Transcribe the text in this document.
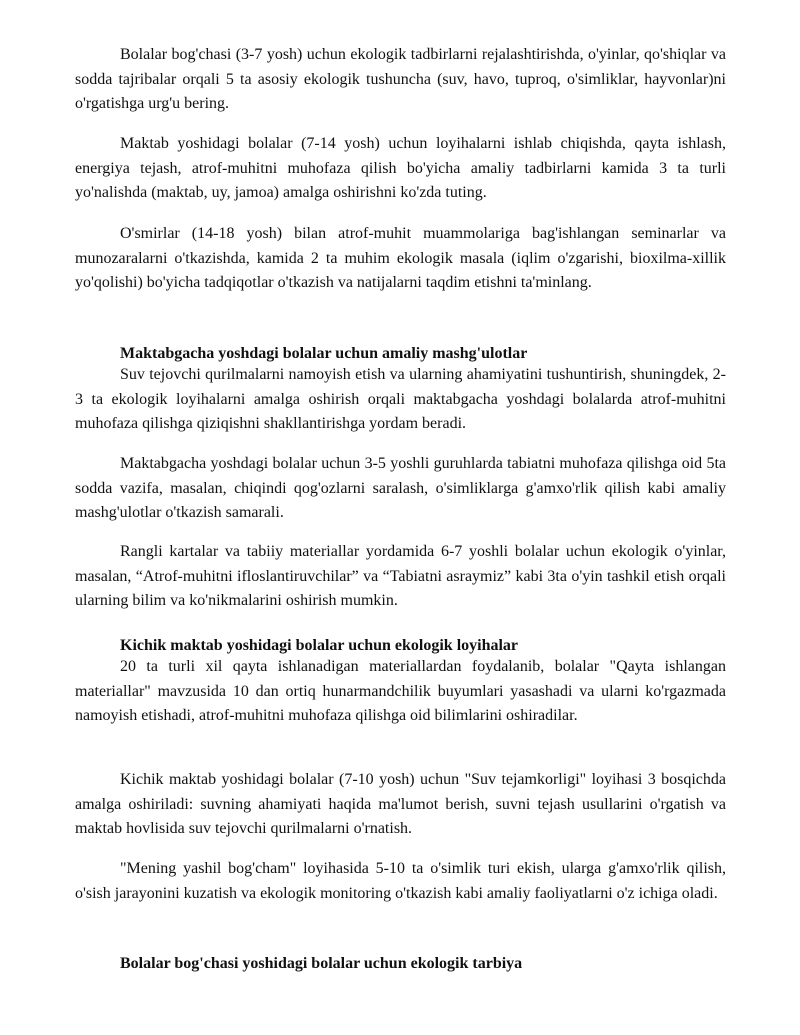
Bolalar bog'chasi (3-7 yosh) uchun ekologik tadbirlarni rejalashtirishda, o'yinlar, qo'shiqlar va sodda tajribalar orqali 5 ta asosiy ekologik tushuncha (suv, havo, tuproq, o'simliklar, hayvonlar)ni o'rgatishga urg'u bering.

Maktab yoshidagi bolalar (7-14 yosh) uchun loyihalarni ishlab chiqishda, qayta ishlash, energiya tejash, atrof-muhitni muhofaza qilish bo'yicha amaliy tadbirlarni kamida 3 ta turli yo'nalishda (maktab, uy, jamoa) amalga oshirishni ko'zda tuting.

O'smirlar (14-18 yosh) bilan atrof-muhit muammolariga bag'ishlangan seminarlar va munozaralarni o'tkazishda, kamida 2 ta muhim ekologik masala (iqlim o'zgarishi, bioxilma-xillik yo'qolishi) bo'yicha tadqiqotlar o'tkazish va natijalarni taqdim etishni ta'minlang.

Maktabgacha yoshdagi bolalar uchun amaliy mashg'ulotlar

Suv tejovchi qurilmalarni namoyish etish va ularning ahamiyatini tushuntirish, shuningdek, 2-3 ta ekologik loyihalarni amalga oshirish orqali maktabgacha yoshdagi bolalarda atrof-muhitni muhofaza qilishga qiziqishni shakllantirishga yordam beradi.

Maktabgacha yoshdagi bolalar uchun 3-5 yoshli guruhlarda tabiatni muhofaza qilishga oid 5ta sodda vazifa, masalan, chiqindi qog'ozlarni saralash, o'simliklarga g'amxo'rlik qilish kabi amaliy mashg'ulotlar o'tkazish samarali.

Rangli kartalar va tabiiy materiallar yordamida 6-7 yoshli bolalar uchun ekologik o'yinlar, masalan, “Atrof-muhitni ifloslantiruvchilar” va “Tabiatni asraymiz” kabi 3ta o'yin tashkil etish orqali ularning bilim va ko'nikmalarini oshirish mumkin.

Kichik maktab yoshidagi bolalar uchun ekologik loyihalar

20 ta turli xil qayta ishlanadigan materiallardan foydalanib, bolalar "Qayta ishlangan materiallar" mavzusida 10 dan ortiq hunarmandchilik buyumlari yasashadi va ularni ko'rgazmada namoyish etishadi, atrof-muhitni muhofaza qilishga oid bilimlarini oshiradilar.

Kichik maktab yoshidagi bolalar (7-10 yosh) uchun "Suv tejamkorligi" loyihasi 3 bosqichda amalga oshiriladi: suvning ahamiyati haqida ma'lumot berish, suvni tejash usullarini o'rgatish va maktab hovlisida suv tejovchi qurilmalarni o'rnatish.

"Mening yashil bog'cham" loyihasida 5-10 ta o'simlik turi ekish, ularga g'amxo'rlik qilish, o'sish jarayonini kuzatish va ekologik monitoring o'tkazish kabi amaliy faoliyatlarni o'z ichiga oladi.

Bolalar bog'chasi yoshidagi bolalar uchun ekologik tarbiya
